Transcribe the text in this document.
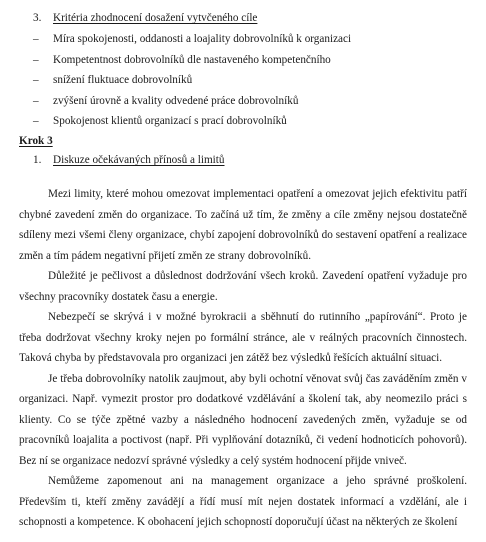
3. Kritéria zhodnocení dosažení vytvčeného cíle
– Míra spokojenosti, oddanosti a loajality dobrovolníků k organizaci
– Kompetentnost dobrovolníků dle nastaveného kompetenčního
– snížení fluktuace dobrovolníků
– zvýšení úrovně a kvality odvedené práce dobrovolníků
– Spokojenost klientů organizací s prací dobrovolníků
Krok 3
1. Diskuze očekávaných přínosů a limitů

Mezi limity, které mohou omezovat implementaci opatření a omezovat jejich efektivitu patří chybné zavedení změn do organizace. To začíná už tím, že změny a cíle změny nejsou dostatečně sdíleny mezi všemi členy organizace, chybí zapojení dobrovolníků do sestavení opatření a realizace změn a tím pádem negativní přijetí změn ze strany dobrovolníků.

Důležité je pečlivost a důslednost dodržování všech kroků. Zavedení opatření vyžaduje pro všechny pracovníky dostatek času a energie.

Nebezpečí se skrývá i v možné byrokracii a sběhnutí do rutinního „papírování“. Proto je třeba dodržovat všechny kroky nejen po formální stránce, ale v reálných pracovních činnostech. Taková chyba by představovala pro organizaci jen zátěž bez výsledků řešících aktuální situaci.

Je třeba dobrovolníky natolik zaujmout, aby byli ochotní věnovat svůj čas zaváděním změn v organizaci. Např. vymezit prostor pro dodatkové vzdělávání a školení tak, aby neomezilo práci s klienty. Co se týče zpětné vazby a následného hodnocení zavedených změn, vyžaduje se od pracovníků loajalita a poctivost (např. Při vyplňování dotazníků, či vedení hodnoticích pohovorů). Bez ní se organizace nedozví správné výsledky a celý systém hodnocení přijde vniveč.

Nemůžeme zapomenout ani na management organizace a jeho správné proškolení. Především ti, kteří změny zavádějí a řídí musí mít nejen dostatek informací a vzdělání, ale i schopnosti a kompetence. K obohacení jejich schopností doporučují účast na některých ze školení
